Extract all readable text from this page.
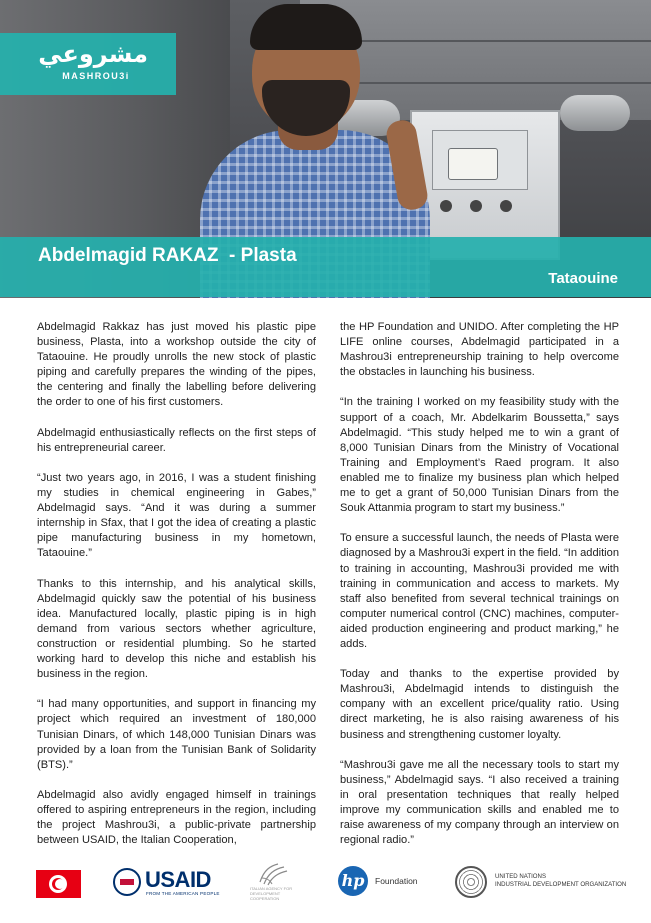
مشروعي
MASHROU3i
Abdelmagid RAKAZ  - Plasta
Tataouine

Abdelmagid Rakkaz has just moved his plastic pipe business, Plasta, into a workshop outside the city of Tataouine. He proudly unrolls the new stock of plastic piping and carefully prepares the winding of the pipes, the centering and finally the labelling before delivering the order to one of his first customers.

Abdelmagid enthusiastically reflects on the first steps of his entrepreneurial career.

“Just two years ago, in 2016, I was a student finishing my studies in chemical engineering in Gabes,” Abdelmagid says. “And it was during a summer internship in Sfax, that I got the idea of creating a plastic pipe manufacturing business in my hometown, Tataouine.”

Thanks to this internship, and his analytical skills, Abdelmagid quickly saw the potential of his business idea. Manufactured locally, plastic piping is in high demand from various sectors whether agriculture, construction or residential plumbing. So he started working hard to develop this niche and establish his business in the region.

“I had many opportunities, and support in financing my project which required an investment of 180,000 Tunisian Dinars, of which 148,000 Tunisian Dinars was provided by a loan from the Tunisian Bank of Solidarity (BTS).”

Abdelmagid also avidly engaged himself in trainings offered to aspiring entrepreneurs in the region, including the project Mashrou3i, a public-private partnership between USAID, the Italian Cooperation,

the HP Foundation and UNIDO. After completing the HP LIFE online courses, Abdelmagid participated in a Mashrou3i entrepreneurship training to help overcome the obstacles in launching his business.

“In the training I worked on my feasibility study with the support of a coach, Mr. Abdelkarim Boussetta,” says Abdelmagid. “This study helped me to win a grant of 8,000 Tunisian Dinars from the Ministry of Vocational Training and Employment’s Raed program. It also enabled me to finalize my business plan which helped me to get a grant of 50,000 Tunisian Dinars from the Souk Attanmia program to start my business.”

To ensure a successful launch, the needs of Plasta were diagnosed by a Mashrou3i expert in the field. “In addition to training in accounting, Mashrou3i provided me with training in communication and access to markets. My staff also benefited from several technical trainings on computer numerical control (CNC) machines, computer-aided production engineering and product marking,” he adds.

Today and thanks to the expertise provided by Mashrou3i, Abdelmagid intends to distinguish the company with an excellent price/quality ratio. Using direct marketing, he is also raising awareness of his business and strengthening customer loyalty.

“Mashrou3i gave me all the necessary tools to start my business,” Abdelmagid says. “I also received a training in oral presentation techniques that really helped improve my communication skills and enabled me to raise awareness of my company through an interview on regional radio.”

USAID
FROM THE AMERICAN PEOPLE
ITALIAN AGENCY FOR DEVELOPMENT COOPERATION
hp	Foundation	UNITED NATIONS
INDUSTRIAL DEVELOPMENT ORGANIZATION
